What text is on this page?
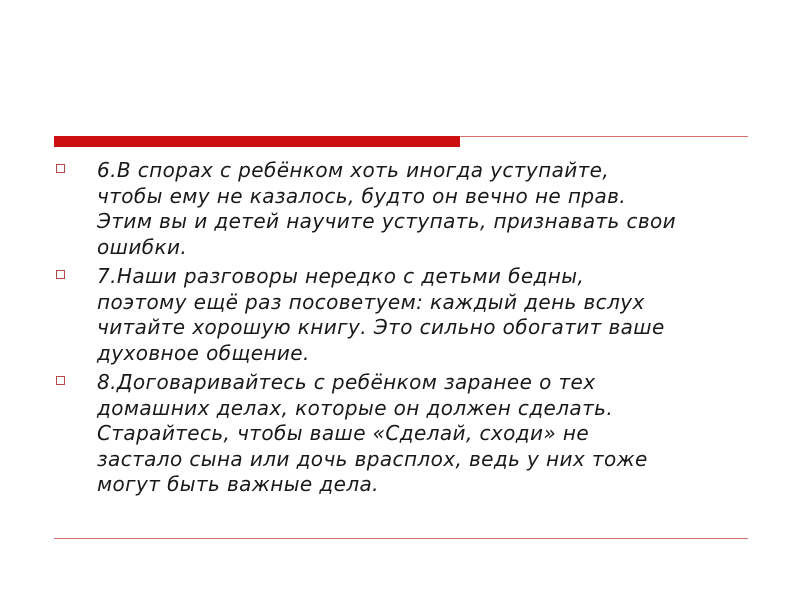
6.В спорах с ребёнком хоть иногда уступайте,
чтобы ему не казалось, будто он вечно не прав.
Этим вы и детей научите уступать, признавать свои
ошибки.
7.Наши разговоры нередко с детьми бедны,
поэтому ещё раз посоветуем: каждый день вслух
читайте хорошую книгу. Это сильно обогатит ваше
духовное общение.
8.Договаривайтесь с ребёнком заранее о тех
домашних делах, которые он должен сделать.
Старайтесь, чтобы ваше «Сделай, сходи» не
застало сына или дочь врасплох, ведь у них тоже
могут быть важные дела.
